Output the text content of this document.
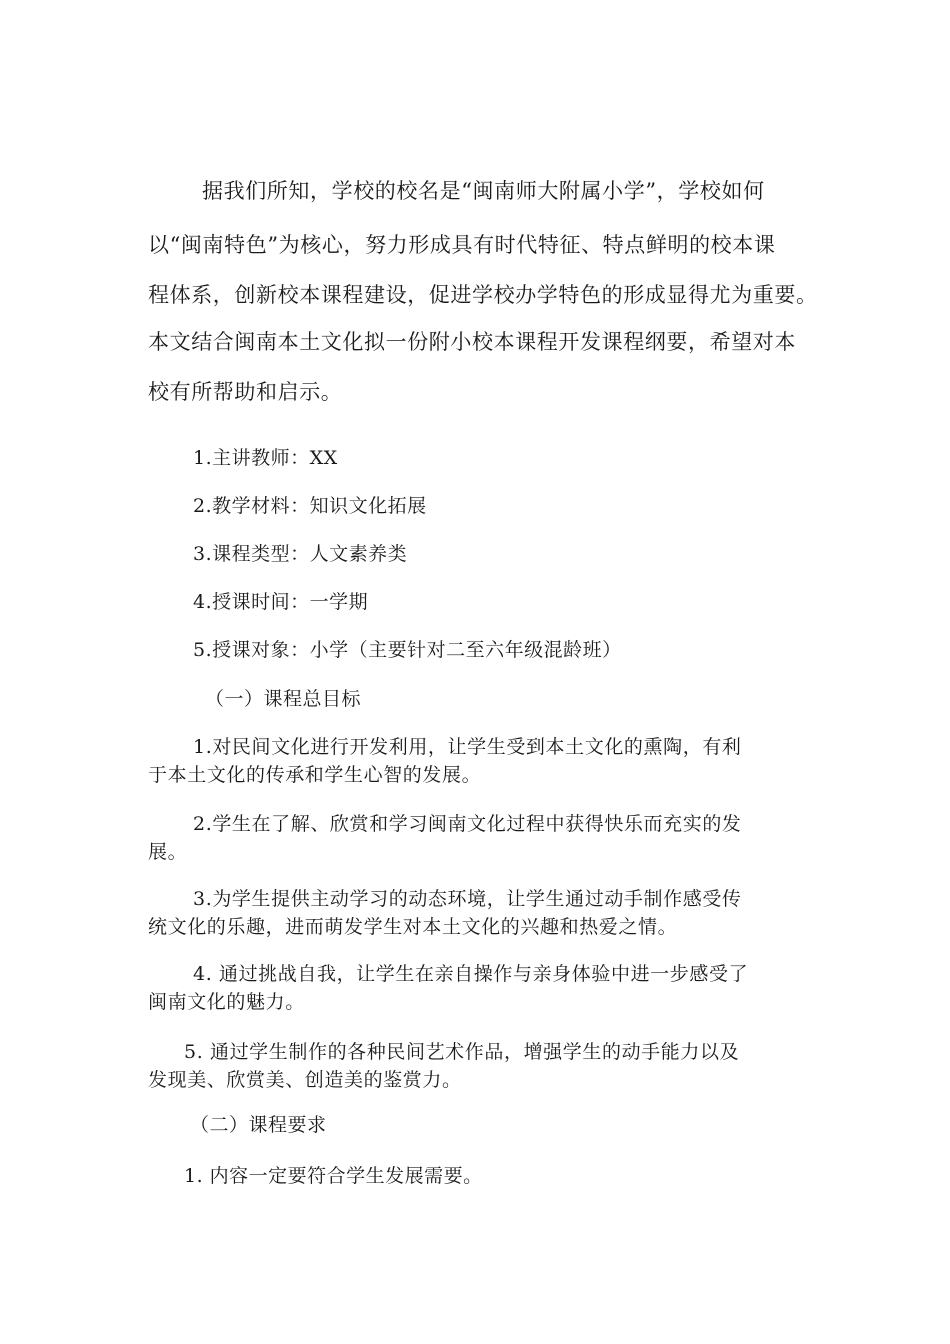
据我们所知，学校的校名是“闽南师大附属小学”，学校如何
以“闽南特色”为核心，努力形成具有时代特征、特点鲜明的校本课
程体系，创新校本课程建设，促进学校办学特色的形成显得尤为重要。
本文结合闽南本土文化拟一份附小校本课程开发课程纲要，希望对本
校有所帮助和启示。
1.主讲教师：XX
2.教学材料：知识文化拓展
3.课程类型：人文素养类
4.授课时间：一学期
5.授课对象：小学（主要针对二至六年级混龄班）
（一）课程总目标
1.对民间文化进行开发利用，让学生受到本土文化的熏陶，有利
于本土文化的传承和学生心智的发展。
2.学生在了解、欣赏和学习闽南文化过程中获得快乐而充实的发
展。
3.为学生提供主动学习的动态环境，让学生通过动手制作感受传
统文化的乐趣，进而萌发学生对本土文化的兴趣和热爱之情。
4. 通过挑战自我，让学生在亲自操作与亲身体验中进一步感受了
闽南文化的魅力。
5. 通过学生制作的各种民间艺术作品，增强学生的动手能力以及
发现美、欣赏美、创造美的鉴赏力。
（二）课程要求
1. 内容一定要符合学生发展需要。
